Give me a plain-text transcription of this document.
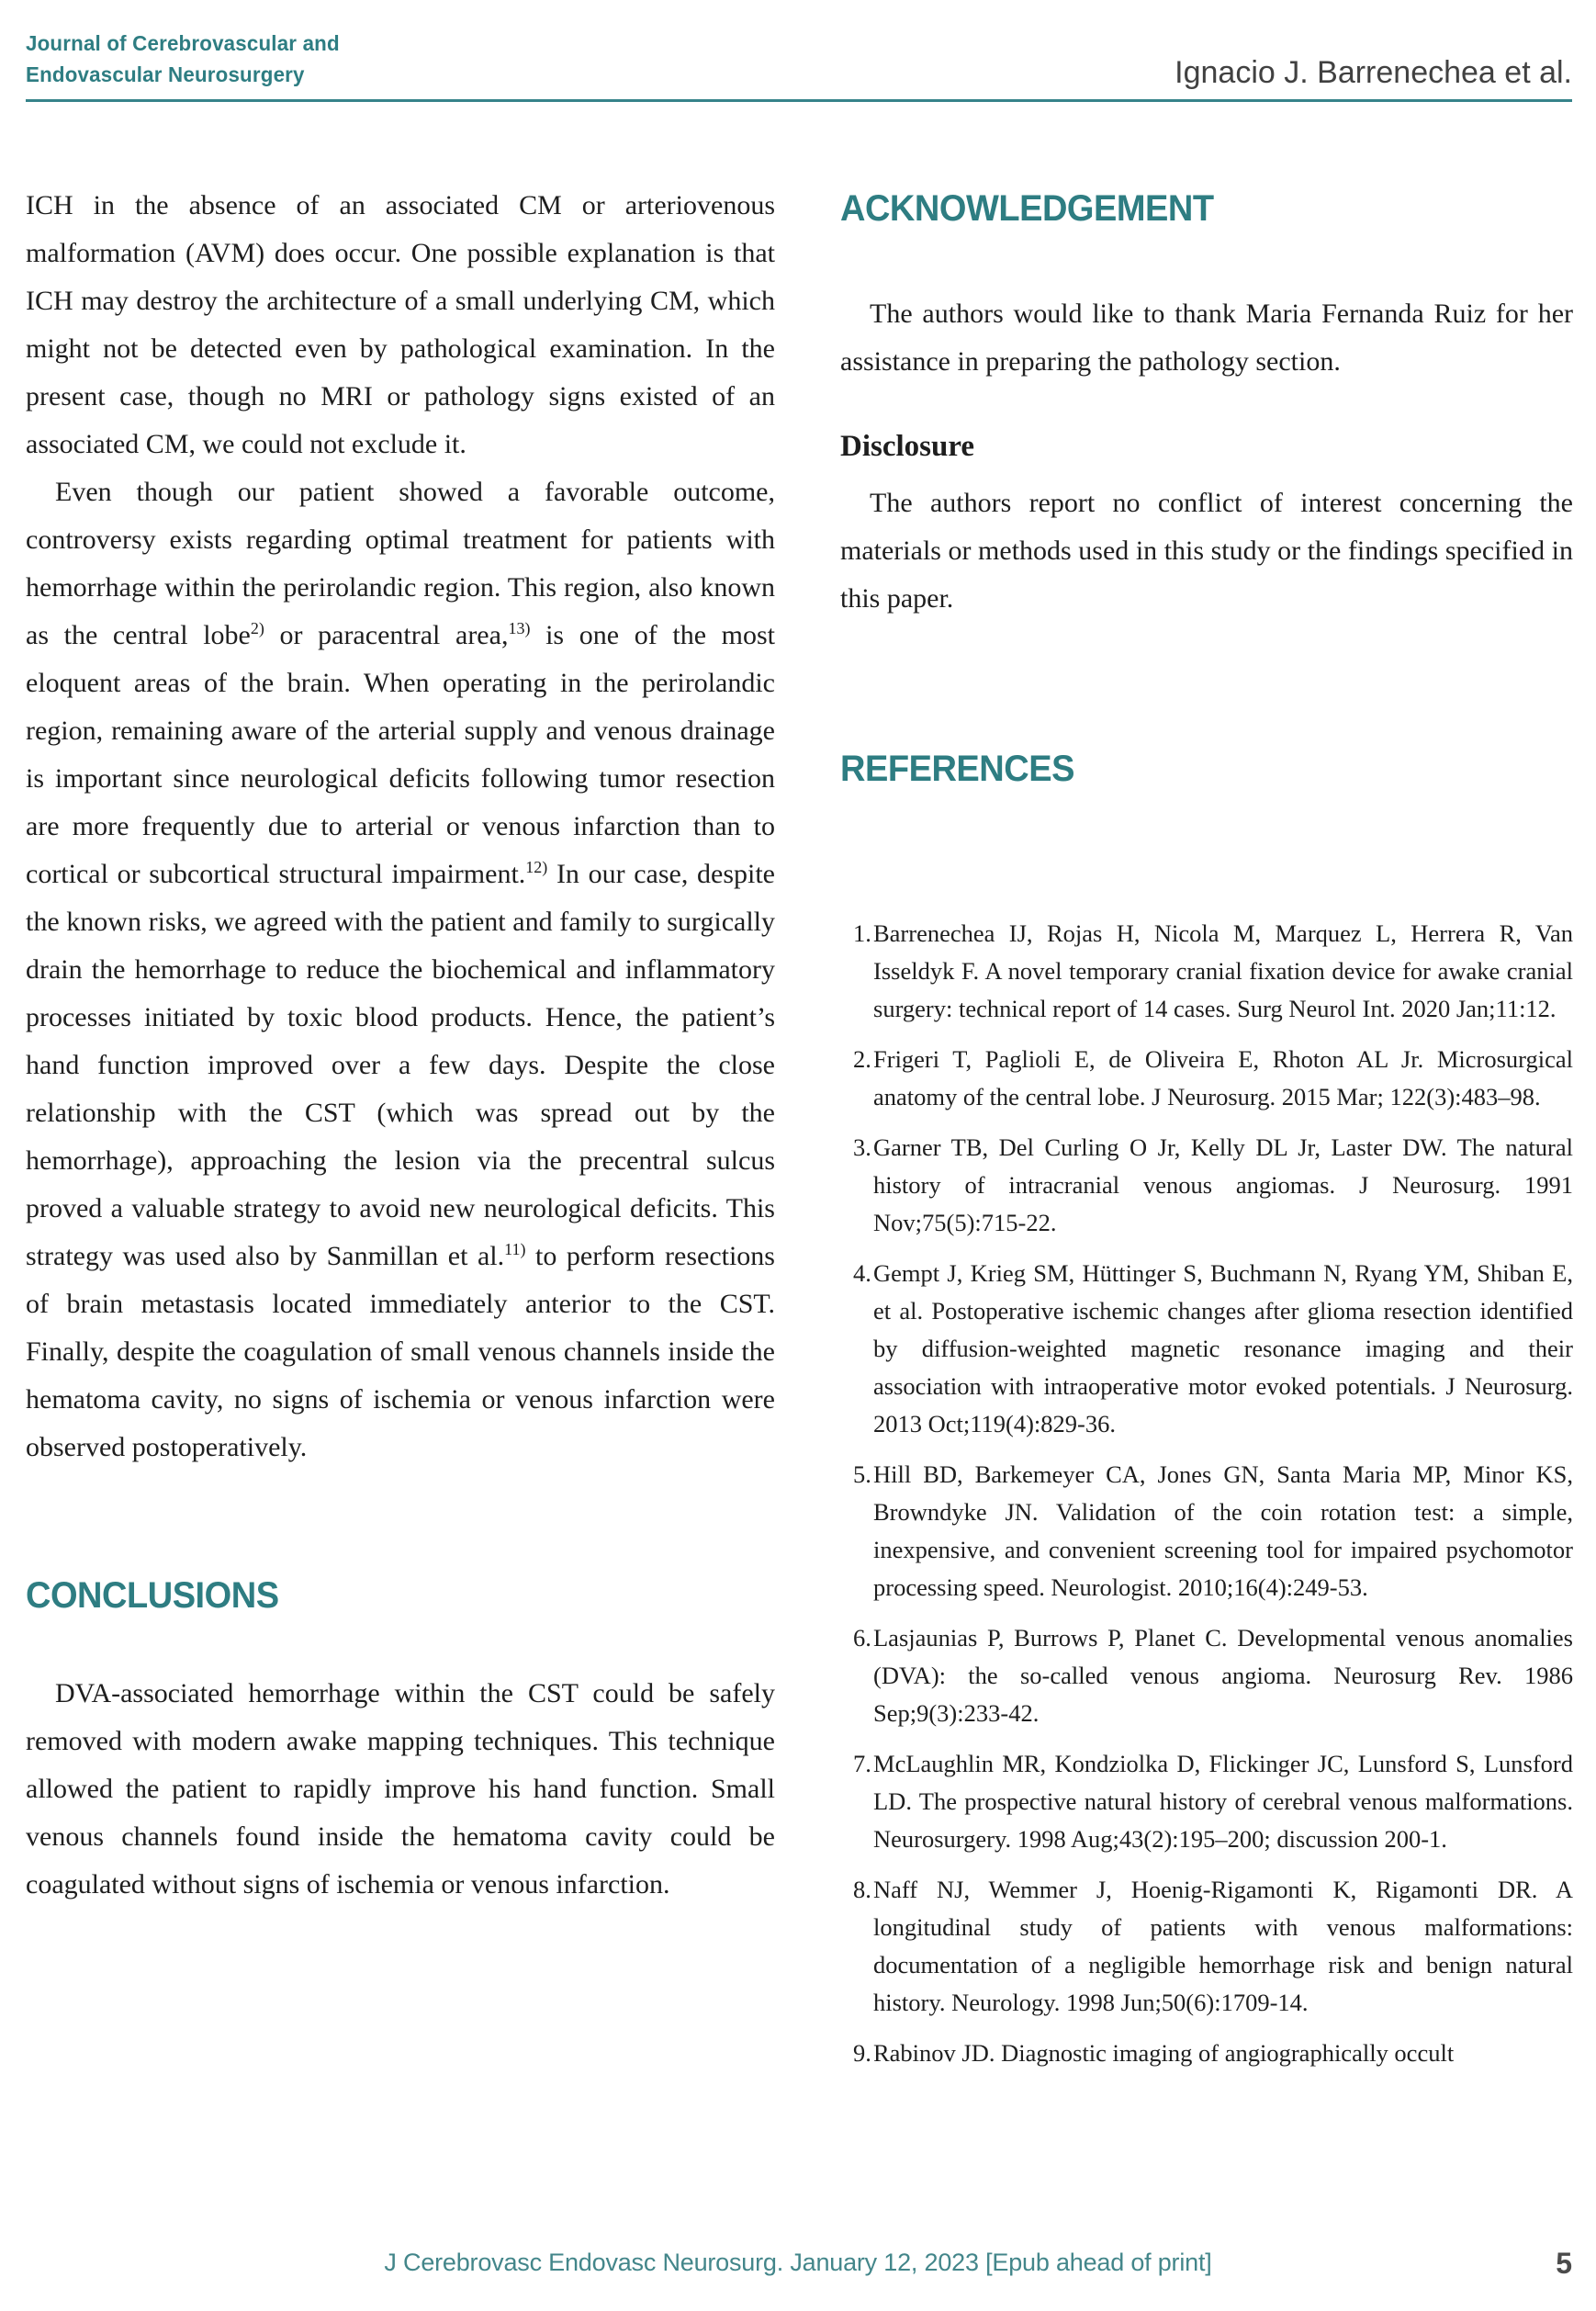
Journal of Cerebrovascular and
Endovascular Neurosurgery	Ignacio J. Barrenechea et al.

ICH in the absence of an associated CM or arteriovenous malformation (AVM) does occur. One possible explanation is that ICH may destroy the architecture of a small underlying CM, which might not be detected even by pathological examination. In the present case, though no MRI or pathology signs existed of an associated CM, we could not exclude it.

Even though our patient showed a favorable outcome, controversy exists regarding optimal treatment for patients with hemorrhage within the perirolandic region. This region, also known as the central lobe$^{2)}$ or paracentral area,$^{13)}$ is one of the most eloquent areas of the brain. When operating in the perirolandic region, remaining aware of the arterial supply and venous drainage is important since neurological deficits following tumor resection are more frequently due to arterial or venous infarction than to cortical or subcortical structural impairment.$^{12)}$ In our case, despite the known risks, we agreed with the patient and family to surgically drain the hemorrhage to reduce the biochemical and inflammatory processes initiated by toxic blood products. Hence, the patient’s hand function improved over a few days. Despite the close relationship with the CST (which was spread out by the hemorrhage), approaching the lesion via the precentral sulcus proved a valuable strategy to avoid new neurological deficits. This strategy was used also by Sanmillan et al.$^{11)}$ to perform resections of brain metastasis located immediately anterior to the CST. Finally, despite the coagulation of small venous channels inside the hematoma cavity, no signs of ischemia or venous infarction were observed postoperatively.

CONCLUSIONS

DVA-associated hemorrhage within the CST could be safely removed with modern awake mapping techniques. This technique allowed the patient to rapidly improve his hand function. Small venous channels found inside the hematoma cavity could be coagulated without signs of ischemia or venous infarction.

ACKNOWLEDGEMENT

The authors would like to thank Maria Fernanda Ruiz for her assistance in preparing the pathology section.

Disclosure

The authors report no conflict of interest concerning the materials or methods used in this study or the findings specified in this paper.

REFERENCES
1. Barrenechea IJ, Rojas H, Nicola M, Marquez L, Herrera R, Van Isseldyk F. A novel temporary cranial fixation device for awake cranial surgery: technical report of 14 cases. Surg Neurol Int. 2020 Jan;11:12.
2. Frigeri T, Paglioli E, de Oliveira E, Rhoton AL Jr. Microsurgical anatomy of the central lobe. J Neurosurg. 2015 Mar; 122(3):483–98.
3. Garner TB, Del Curling O Jr, Kelly DL Jr, Laster DW. The natural history of intracranial venous angiomas. J Neurosurg. 1991 Nov;75(5):715-22.
4. Gempt J, Krieg SM, Hüttinger S, Buchmann N, Ryang YM, Shiban E, et al. Postoperative ischemic changes after glioma resection identified by diffusion-weighted magnetic resonance imaging and their association with intraoperative motor evoked potentials. J Neurosurg. 2013 Oct;119(4):829-36.
5. Hill BD, Barkemeyer CA, Jones GN, Santa Maria MP, Minor KS, Browndyke JN. Validation of the coin rotation test: a simple, inexpensive, and convenient screening tool for impaired psychomotor processing speed. Neurologist. 2010;16(4):249-53.
6. Lasjaunias P, Burrows P, Planet C. Developmental venous anomalies (DVA): the so-called venous angioma. Neurosurg Rev. 1986 Sep;9(3):233-42.
7. McLaughlin MR, Kondziolka D, Flickinger JC, Lunsford S, Lunsford LD. The prospective natural history of cerebral venous malformations. Neurosurgery. 1998 Aug;43(2):195–200; discussion 200-1.
8. Naff NJ, Wemmer J, Hoenig-Rigamonti K, Rigamonti DR. A longitudinal study of patients with venous malformations: documentation of a negligible hemorrhage risk and benign natural history. Neurology. 1998 Jun;50(6):1709-14.
9. Rabinov JD. Diagnostic imaging of angiographically occult
J Cerebrovasc Endovasc Neurosurg. January 12, 2023 [Epub ahead of print]	5
